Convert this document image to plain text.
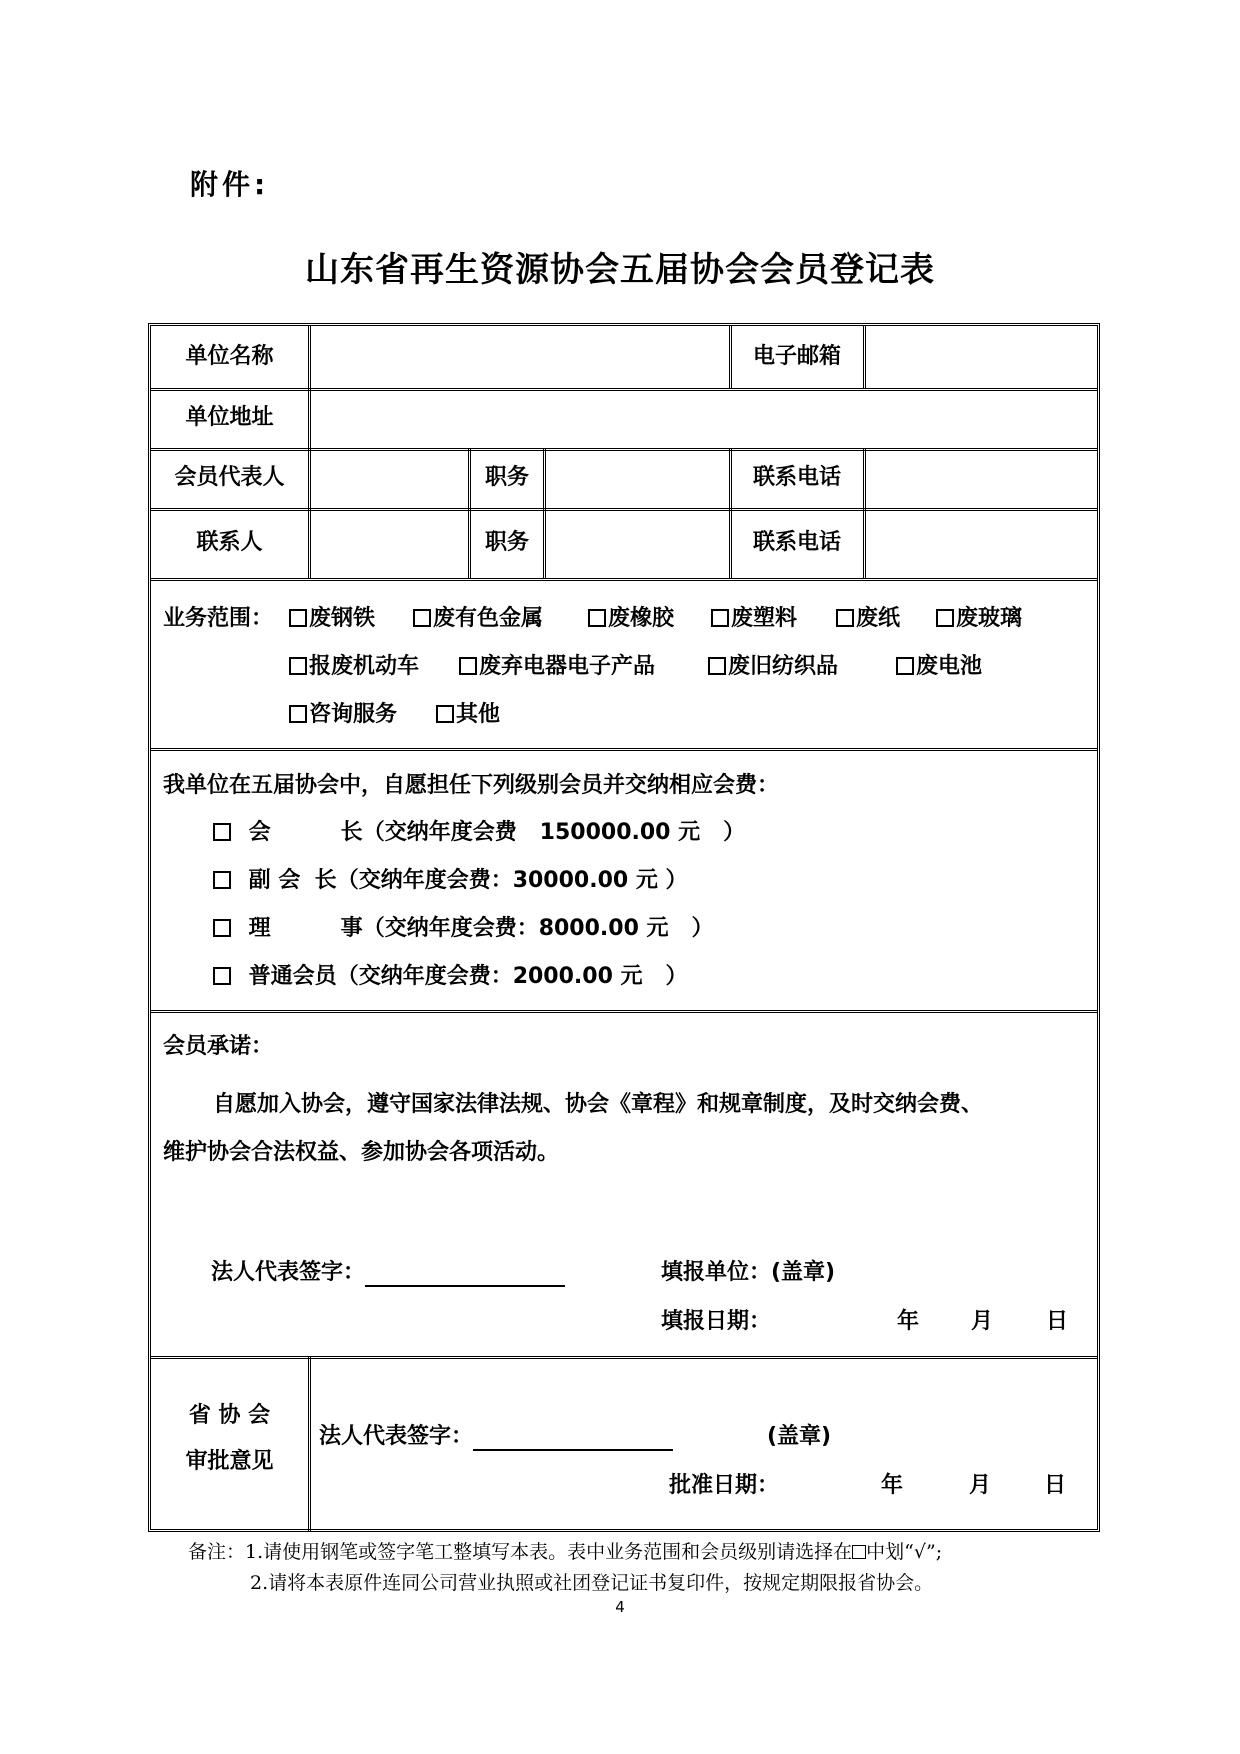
附件:
山东省再生资源协会五届协会会员登记表
单位名称	电子邮箱
单位地址
会员代表人	职务	联系电话
联系人	职务	联系电话
业务范围：	废钢铁	废有色金属	废橡胶	废塑料	废纸	废玻璃
报废机动车	废弃电器电子产品	废旧纺织品	废电池
咨询服务	其他
我单位在五届协会中，自愿担任下列级别会员并交纳相应会费：
会	长（交纳年度会费   150000.00 元   ）
副 会 长（交纳年度会费：30000.00 元 ）
理	事（交纳年度会费：8000.00 元   ）
普通会员（交纳年度会费：2000.00 元   ）
会员承诺：
自愿加入协会，遵守国家法律法规、协会《章程》和规章制度，及时交纳会费、
维护协会合法权益、参加协会各项活动。
法人代表签字：	填报单位：(盖章)
填报日期：	年 月 日
省 协 会
审批意见
法人代表签字：	(盖章)
批准日期：	年	月 日
备注：1.请使用钢笔或签字笔工整填写本表。表中业务范围和会员级别请选择在 中划“√”;
2.请将本表原件连同公司营业执照或社团登记证书复印件，按规定期限报省协会。
4
